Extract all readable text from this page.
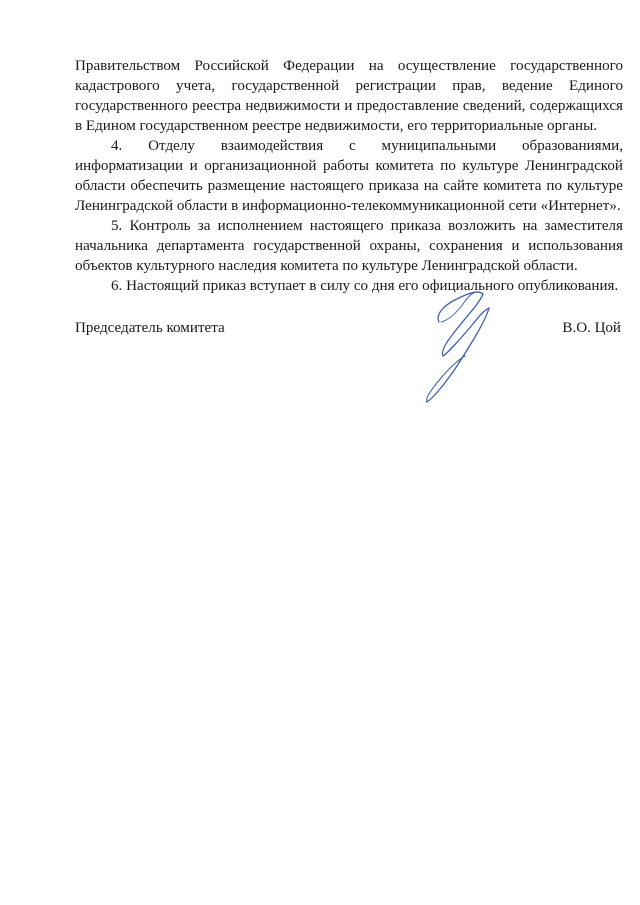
Правительством Российской Федерации на осуществление государственного кадастрового учета, государственной регистрации прав, ведение Единого государственного реестра недвижимости и предоставление сведений, содержащихся в Едином государственном реестре недвижимости, его территориальные органы.

4. Отделу взаимодействия с муниципальными образованиями, информатизации и организационной работы комитета по культуре Ленинградской области обеспечить размещение настоящего приказа на сайте комитета по культуре Ленинградской области в информационно-телекоммуникационной сети «Интернет».

5. Контроль за исполнением настоящего приказа возложить на заместителя начальника департамента государственной охраны, сохранения и использования объектов культурного наследия комитета по культуре Ленинградской области.

6. Настоящий приказ вступает в силу со дня его официального опубликования.

Председатель комитета	В.О. Цой
